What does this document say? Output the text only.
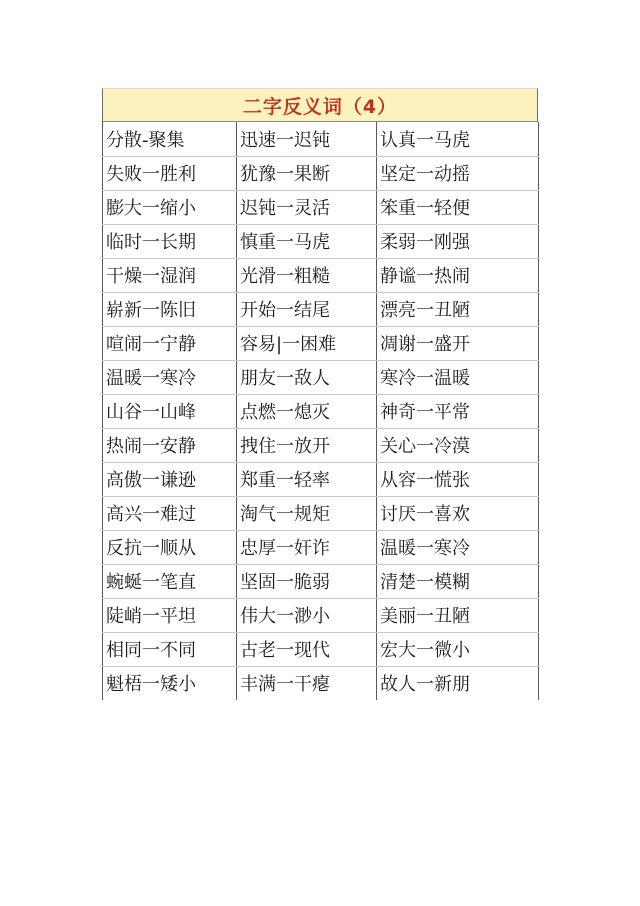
二字反义词（4）
分散-聚集	迅速一迟钝	认真一马虎
失败一胜利	犹豫一果断	坚定一动摇
膨大一缩小	迟钝一灵活	笨重一轻便
临时一长期	慎重一马虎	柔弱一刚强
干燥一湿润	光滑一粗糙	静谧一热闹
崭新一陈旧	开始一结尾	漂亮一丑陋
喧闹一宁静	容易|一困难	凋谢一盛开
温暖一寒冷	朋友一敌人	寒冷一温暖
山谷一山峰	点燃一熄灭	神奇一平常
热闹一安静	拽住一放开	关心一冷漠
高傲一谦逊	郑重一轻率	从容一慌张
高兴一难过	淘气一规矩	讨厌一喜欢
反抗一顺从	忠厚一奸诈	温暖一寒冷
蜿蜒一笔直	坚固一脆弱	清楚一模糊
陡峭一平坦	伟大一渺小	美丽一丑陋
相同一不同	古老一现代	宏大一微小
魁梧一矮小	丰满一干瘪	故人一新朋
